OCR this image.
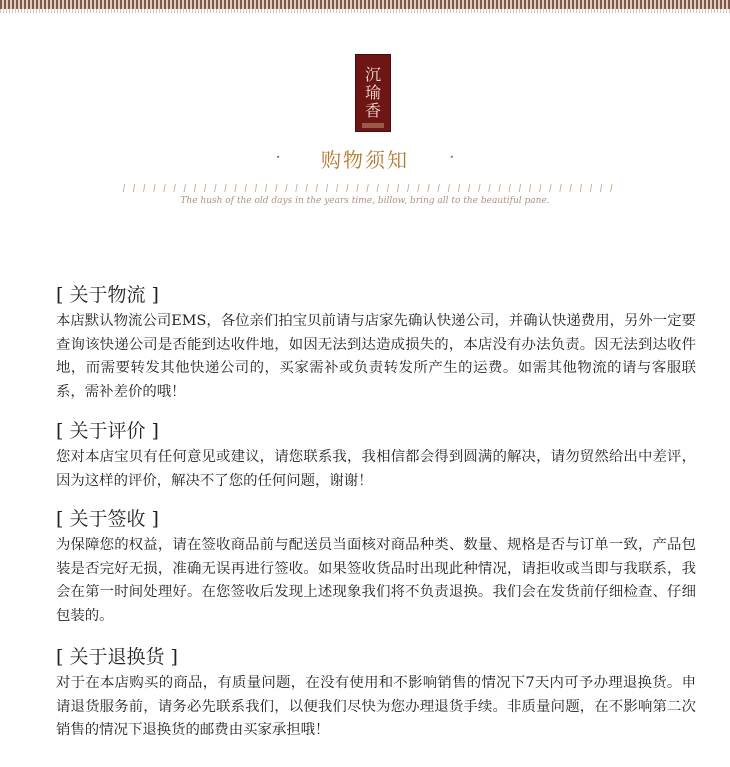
沉
瑜
香
· 购物须知 ·
The hush of the old days in the years time, billow, bring all to the beautiful pane.
[ 关于物流 ]

本店默认物流公司EMS，各位亲们拍宝贝前请与店家先确认快递公司，并确认快递费用，另外一定要查询该快递公司是否能到达收件地，如因无法到达造成损失的，本店没有办法负责。因无法到达收件地，而需要转发其他快递公司的，买家需补或负责转发所产生的运费。如需其他物流的请与客服联系，需补差价的哦！

[ 关于评价 ]

您对本店宝贝有任何意见或建议，请您联系我，我相信都会得到圆满的解决，请勿贸然给出中差评，因为这样的评价，解决不了您的任何问题，谢谢！

[ 关于签收 ]

为保障您的权益，请在签收商品前与配送员当面核对商品种类、数量、规格是否与订单一致，产品包装是否完好无损，准确无误再进行签收。如果签收货品时出现此种情况，请拒收或当即与我联系，我会在第一时间处理好。在您签收后发现上述现象我们将不负责退换。我们会在发货前仔细检查、仔细包装的。

[ 关于退换货 ]

对于在本店购买的商品，有质量问题，在没有使用和不影响销售的情况下7天内可予办理退换货。申请退货服务前，请务必先联系我们，以便我们尽快为您办理退货手续。非质量问题，在不影响第二次销售的情况下退换货的邮费由买家承担哦！
